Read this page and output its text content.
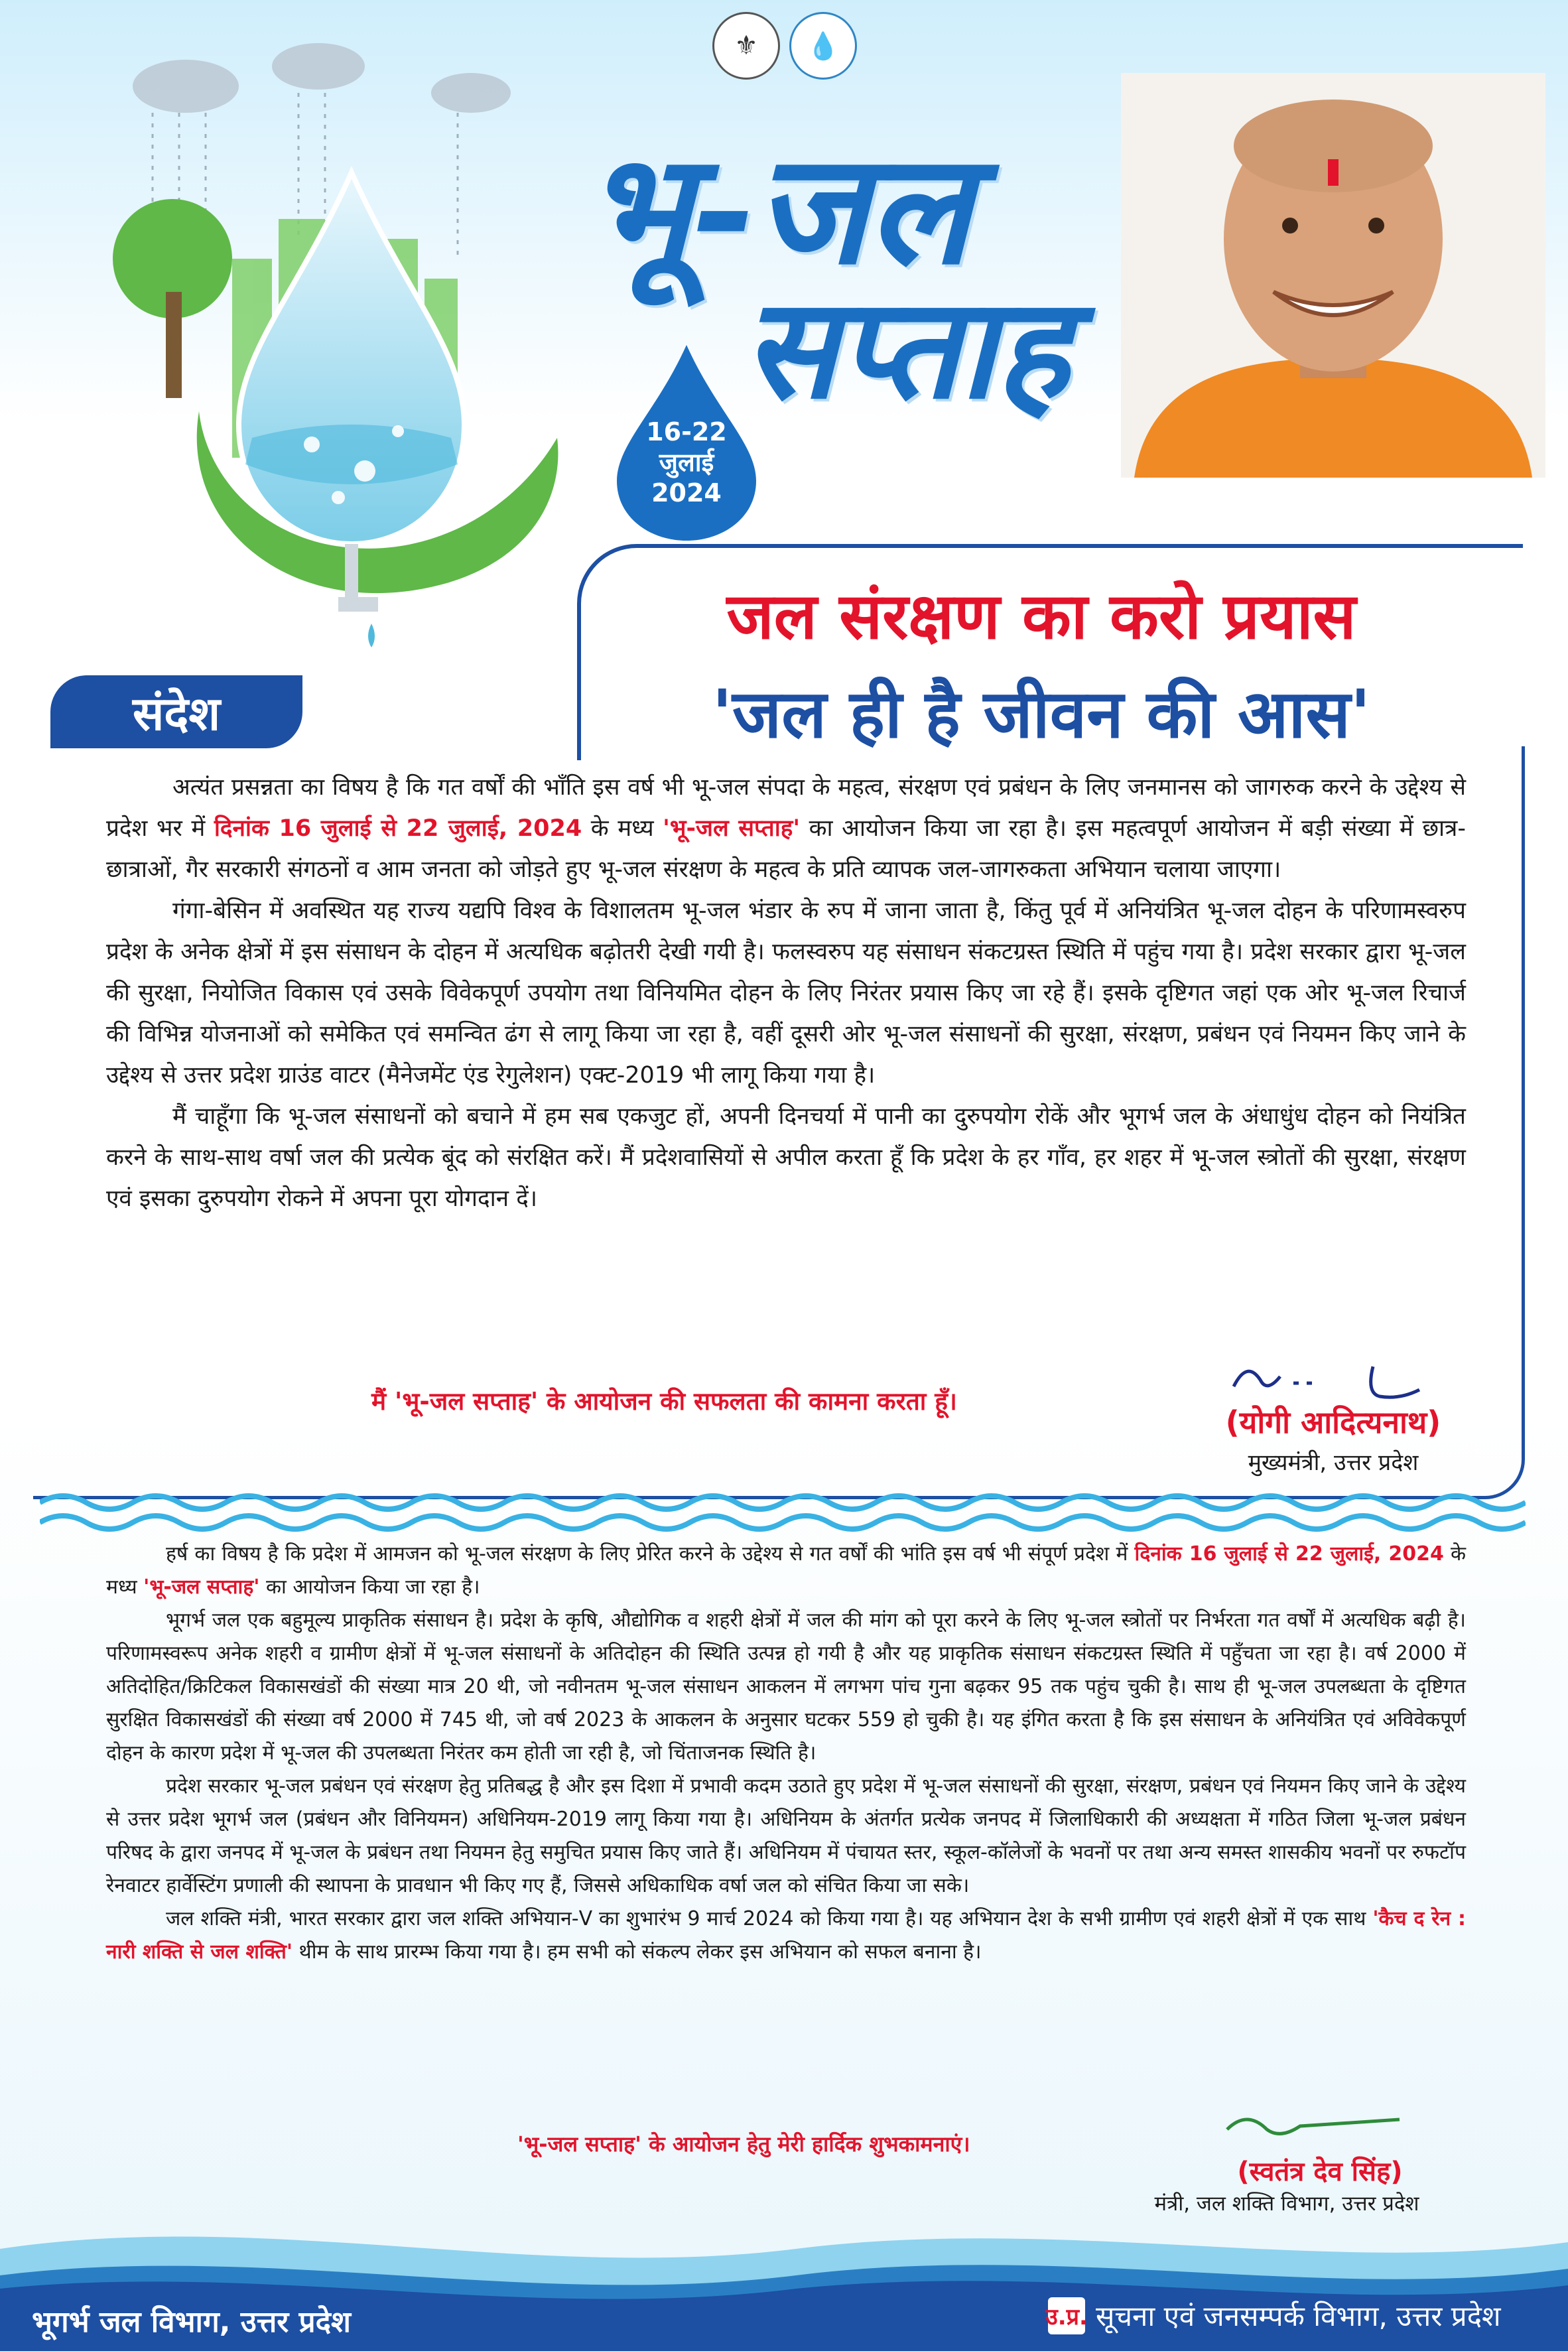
⚜	💧
भू-जल
सप्ताह
16-22
जुलाई
2024
जल संरक्षण का करो प्रयास
'जल ही है जीवन की आस'
संदेश

अत्यंत प्रसन्नता का विषय है कि गत वर्षों की भाँति इस वर्ष भी भू-जल संपदा के महत्व, संरक्षण एवं प्रबंधन के लिए जनमानस को जागरुक करने के उद्देश्य से प्रदेश भर में दिनांक 16 जुलाई से 22 जुलाई, 2024 के मध्य 'भू-जल सप्ताह' का आयोजन किया जा रहा है। इस महत्वपूर्ण आयोजन में बड़ी संख्या में छात्र-छात्राओं, गैर सरकारी संगठनों व आम जनता को जोड़ते हुए भू-जल संरक्षण के महत्व के प्रति व्यापक जल-जागरुकता अभियान चलाया जाएगा।

गंगा-बेसिन में अवस्थित यह राज्य यद्यपि विश्व के विशालतम भू-जल भंडार के रुप में जाना जाता है, किंतु पूर्व में अनियंत्रित भू-जल दोहन के परिणामस्वरुप प्रदेश के अनेक क्षेत्रों में इस संसाधन के दोहन में अत्यधिक बढ़ोतरी देखी गयी है। फलस्वरुप यह संसाधन संकटग्रस्त स्थिति में पहुंच गया है। प्रदेश सरकार द्वारा भू-जल की सुरक्षा, नियोजित विकास एवं उसके विवेकपूर्ण उपयोग तथा विनियमित दोहन के लिए निरंतर प्रयास किए जा रहे हैं। इसके दृष्टिगत जहां एक ओर भू-जल रिचार्ज की विभिन्न योजनाओं को समेकित एवं समन्वित ढंग से लागू किया जा रहा है, वहीं दूसरी ओर भू-जल संसाधनों की सुरक्षा, संरक्षण, प्रबंधन एवं नियमन किए जाने के उद्देश्य से उत्तर प्रदेश ग्राउंड वाटर (मैनेजमेंट एंड रेगुलेशन) एक्ट-2019 भी लागू किया गया है।

मैं चाहूँगा कि भू-जल संसाधनों को बचाने में हम सब एकजुट हों, अपनी दिनचर्या में पानी का दुरुपयोग रोकें और भूगर्भ जल के अंधाधुंध दोहन को नियंत्रित करने के साथ-साथ वर्षा जल की प्रत्येक बूंद को संरक्षित करें। मैं प्रदेशवासियों से अपील करता हूँ कि प्रदेश के हर गाँव, हर शहर में भू-जल स्त्रोतों की सुरक्षा, संरक्षण एवं इसका दुरुपयोग रोकने में अपना पूरा योगदान दें।

मैं 'भू-जल सप्ताह' के आयोजन की सफलता की कामना करता हूँ।
(योगी आदित्यनाथ)
मुख्यमंत्री, उत्तर प्रदेश

हर्ष का विषय है कि प्रदेश में आमजन को भू-जल संरक्षण के लिए प्रेरित करने के उद्देश्य से गत वर्षों की भांति इस वर्ष भी संपूर्ण प्रदेश में दिनांक 16 जुलाई से 22 जुलाई, 2024 के मध्य 'भू-जल सप्ताह' का आयोजन किया जा रहा है।

भूगर्भ जल एक बहुमूल्य प्राकृतिक संसाधन है। प्रदेश के कृषि, औद्योगिक व शहरी क्षेत्रों में जल की मांग को पूरा करने के लिए भू-जल स्त्रोतों पर निर्भरता गत वर्षों में अत्यधिक बढ़ी है। परिणामस्वरूप अनेक शहरी व ग्रामीण क्षेत्रों में भू-जल संसाधनों के अतिदोहन की स्थिति उत्पन्न हो गयी है और यह प्राकृतिक संसाधन संकटग्रस्त स्थिति में पहुँचता जा रहा है। वर्ष 2000 में अतिदोहित/क्रिटिकल विकासखंडों की संख्या मात्र 20 थी, जो नवीनतम भू-जल संसाधन आकलन में लगभग पांच गुना बढ़कर 95 तक पहुंच चुकी है। साथ ही भू-जल उपलब्धता के दृष्टिगत सुरक्षित विकासखंडों की संख्या वर्ष 2000 में 745 थी, जो वर्ष 2023 के आकलन के अनुसार घटकर 559 हो चुकी है। यह इंगित करता है कि इस संसाधन के अनियंत्रित एवं अविवेकपूर्ण दोहन के कारण प्रदेश में भू-जल की उपलब्धता निरंतर कम होती जा रही है, जो चिंताजनक स्थिति है।

प्रदेश सरकार भू-जल प्रबंधन एवं संरक्षण हेतु प्रतिबद्ध है और इस दिशा में प्रभावी कदम उठाते हुए प्रदेश में भू-जल संसाधनों की सुरक्षा, संरक्षण, प्रबंधन एवं नियमन किए जाने के उद्देश्य से उत्तर प्रदेश भूगर्भ जल (प्रबंधन और विनियमन) अधिनियम-2019 लागू किया गया है। अधिनियम के अंतर्गत प्रत्येक जनपद में जिलाधिकारी की अध्यक्षता में गठित जिला भू-जल प्रबंधन परिषद के द्वारा जनपद में भू-जल के प्रबंधन तथा नियमन हेतु समुचित प्रयास किए जाते हैं। अधिनियम में पंचायत स्तर, स्कूल-कॉलेजों के भवनों पर तथा अन्य समस्त शासकीय भवनों पर रुफटॉप रेनवाटर हार्वेस्टिंग प्रणाली की स्थापना के प्रावधान भी किए गए हैं, जिससे अधिकाधिक वर्षा जल को संचित किया जा सके।

जल शक्ति मंत्री, भारत सरकार द्वारा जल शक्ति अभियान-V का शुभारंभ 9 मार्च 2024 को किया गया है। यह अभियान देश के सभी ग्रामीण एवं शहरी क्षेत्रों में एक साथ 'कैच द रेन : नारी शक्ति से जल शक्ति' थीम के साथ प्रारम्भ किया गया है। हम सभी को संकल्प लेकर इस अभियान को सफल बनाना है।

'भू-जल सप्ताह' के आयोजन हेतु मेरी हार्दिक शुभकामनाएं।
(स्वतंत्र देव सिंह)
मंत्री, जल शक्ति विभाग, उत्तर प्रदेश
भूगर्भ जल विभाग, उत्तर प्रदेश	उ.प्र. सूचना एवं जनसम्पर्क विभाग, उत्तर प्रदेश
